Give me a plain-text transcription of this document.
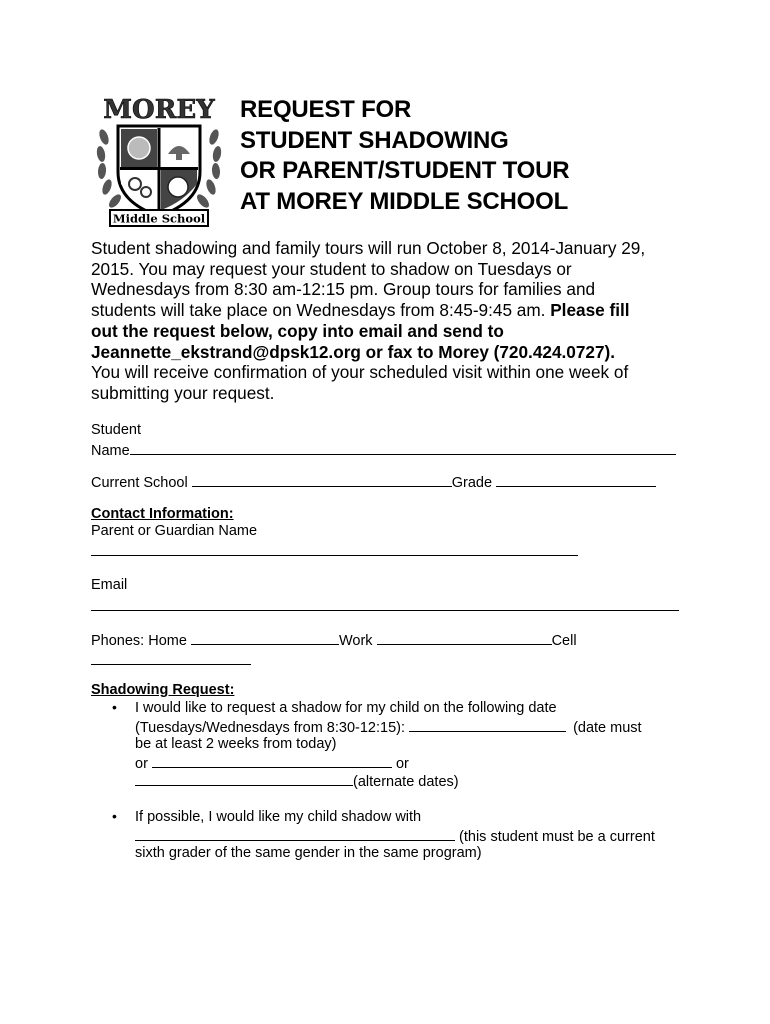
MOREY
Middle School
REQUEST FOR
STUDENT SHADOWING
OR PARENT/STUDENT TOUR
AT MOREY MIDDLE SCHOOL
Student shadowing and family tours will run October 8, 2014-January 29,
2015. You may request your student to shadow on Tuesdays or
Wednesdays from 8:30 am-12:15 pm. Group tours for families and
students will take place on Wednesdays from 8:45-9:45 am. Please fill
out the request below, copy into email and send to
Jeannette_ekstrand@dpsk12.org or fax to Morey (720.424.0727).
You will receive confirmation of your scheduled visit within one week of
submitting your request.
Student
Name
Current School	Grade
Contact Information:
Parent or Guardian Name
Email
Phones: Home	Work	Cell
Shadowing Request:
• I would like to request a shadow for my child on the following date
(Tuesdays/Wednesdays from 8:30-12:15):	(date must
be at least 2 weeks from today)
or	or
(alternate dates)
• If possible, I would like my child shadow with
(this student must be a current
sixth grader of the same gender in the same program)
